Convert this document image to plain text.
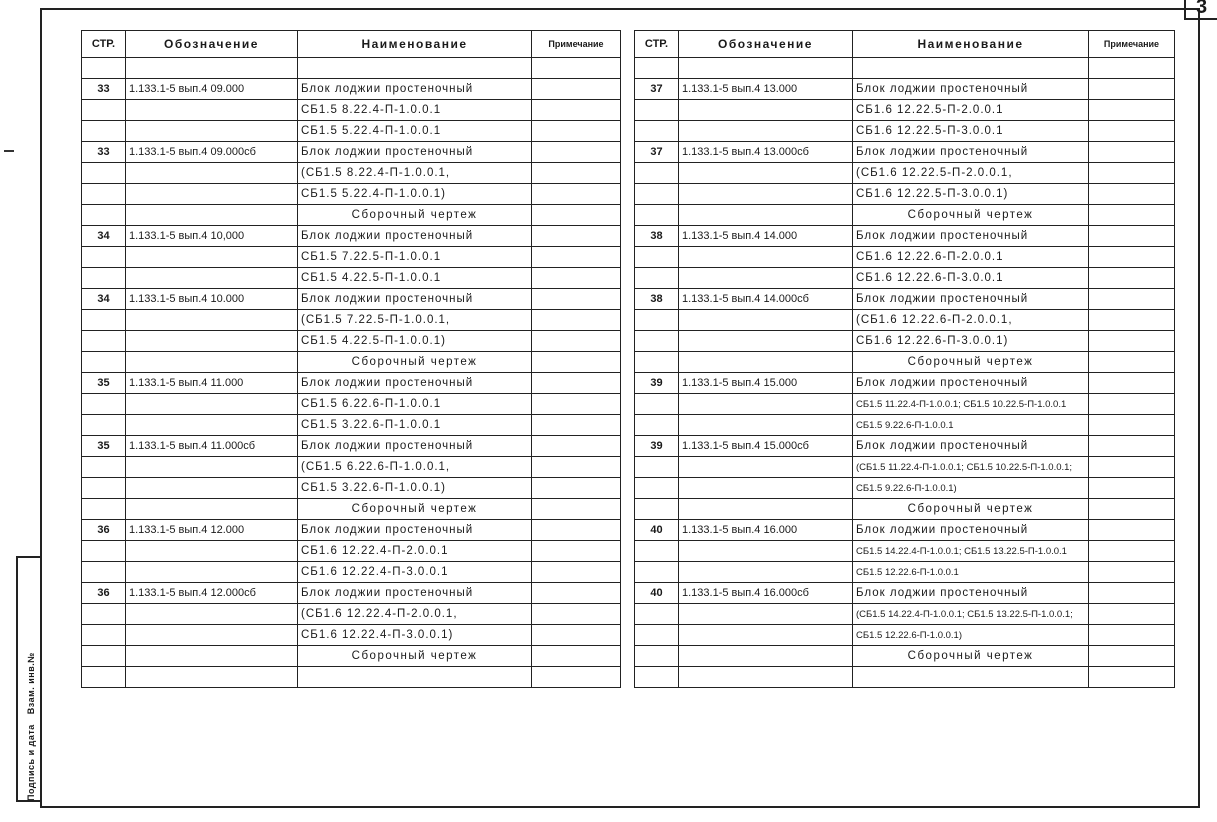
3
Подпись и дата
Взам. инв.№
СТР.	Обозначение	Наименование	Примечание

33	1.133.1-5 вып.4 09.000	Блок лоджии простеночный	
		СБ1.5 8.22.4-П-1.0.0.1	
		СБ1.5 5.22.4-П-1.0.0.1	
33	1.133.1-5 вып.4 09.000сб	Блок лоджии простеночный	
		(СБ1.5 8.22.4-П-1.0.0.1,	
		СБ1.5 5.22.4-П-1.0.0.1)	
		Сборочный чертеж	
34	1.133.1-5 вып.4 10,000	Блок лоджии простеночный	
		СБ1.5 7.22.5-П-1.0.0.1	
		СБ1.5 4.22.5-П-1.0.0.1	
34	1.133.1-5 вып.4 10.000	Блок лоджии простеночный	
		(СБ1.5 7.22.5-П-1.0.0.1,	
		СБ1.5 4.22.5-П-1.0.0.1)	
		Сборочный чертеж	
35	1.133.1-5 вып.4 11.000	Блок лоджии простеночный	
		СБ1.5 6.22.6-П-1.0.0.1	
		СБ1.5 3.22.6-П-1.0.0.1	
35	1.133.1-5 вып.4 11.000сб	Блок лоджии простеночный	
		(СБ1.5 6.22.6-П-1.0.0.1,	
		СБ1.5 3.22.6-П-1.0.0.1)	
		Сборочный чертеж	
36	1.133.1-5 вып.4 12.000	Блок лоджии простеночный	
		СБ1.6 12.22.4-П-2.0.0.1	
		СБ1.6 12.22.4-П-3.0.0.1	
36	1.133.1-5 вып.4 12.000сб	Блок лоджии простеночный	
		(СБ1.6 12.22.4-П-2.0.0.1,	
		СБ1.6 12.22.4-П-3.0.0.1)	
		Сборочный чертеж	

СТР.	Обозначение	Наименование	Примечание

37	1.133.1-5 вып.4 13.000	Блок лоджии простеночный	
		СБ1.6 12.22.5-П-2.0.0.1	
		СБ1.6 12.22.5-П-3.0.0.1	
37	1.133.1-5 вып.4 13.000сб	Блок лоджии простеночный	
		(СБ1.6 12.22.5-П-2.0.0.1,	
		СБ1.6 12.22.5-П-3.0.0.1)	
		Сборочный чертеж	
38	1.133.1-5 вып.4 14.000	Блок лоджии простеночный	
		СБ1.6 12.22.6-П-2.0.0.1	
		СБ1.6 12.22.6-П-3.0.0.1	
38	1.133.1-5 вып.4 14.000сб	Блок лоджии простеночный	
		(СБ1.6 12.22.6-П-2.0.0.1,	
		СБ1.6 12.22.6-П-3.0.0.1)	
		Сборочный чертеж	
39	1.133.1-5 вып.4 15.000	Блок лоджии простеночный	
		СБ1.5 11.22.4-П-1.0.0.1; СБ1.5 10.22.5-П-1.0.0.1	
		СБ1.5 9.22.6-П-1.0.0.1	
39	1.133.1-5 вып.4 15.000сб	Блок лоджии простеночный	
		(СБ1.5 11.22.4-П-1.0.0.1; СБ1.5 10.22.5-П-1.0.0.1;	
		СБ1.5 9.22.6-П-1.0.0.1)	
		Сборочный чертеж	
40	1.133.1-5 вып.4 16.000	Блок лоджии простеночный	
		СБ1.5 14.22.4-П-1.0.0.1; СБ1.5 13.22.5-П-1.0.0.1	
		СБ1.5 12.22.6-П-1.0.0.1	
40	1.133.1-5 вып.4 16.000сб	Блок лоджии простеночный	
		(СБ1.5 14.22.4-П-1.0.0.1; СБ1.5 13.22.5-П-1.0.0.1;	
		СБ1.5 12.22.6-П-1.0.0.1)	
		Сборочный чертеж	
